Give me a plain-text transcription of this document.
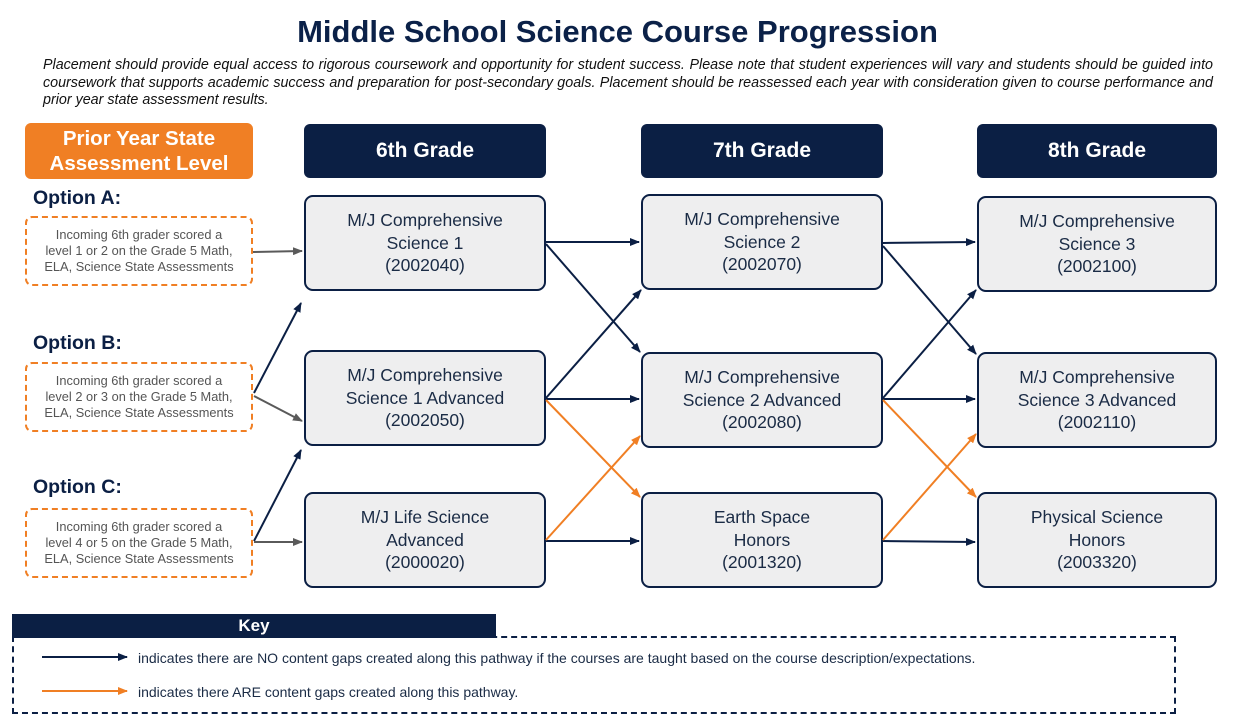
Middle School Science Course Progression
Placement should provide equal access to rigorous coursework and opportunity for student success. Please note that student experiences will vary and students should be guided into coursework that supports academic success and preparation for post-secondary goals. Placement should be reassessed each year with consideration given to course performance and prior year state assessment results.
Prior Year State Assessment Level
6th Grade	7th Grade	8th Grade
Option A:
Incoming 6th grader scored a level 1 or 2 on the Grade 5 Math, ELA, Science State Assessments
Option B:
Incoming 6th grader scored a level 2 or 3 on the Grade 5 Math, ELA, Science State Assessments
Option C:
Incoming 6th grader scored a level 4 or 5 on the Grade 5 Math, ELA, Science State Assessments
M/J Comprehensive
Science 1
(2002040)
M/J Comprehensive
Science 1 Advanced
(2002050)
M/J Life Science
Advanced
(2000020)
M/J Comprehensive
Science 2
(2002070)
M/J Comprehensive
Science 2 Advanced
(2002080)
Earth Space
Honors
(2001320)
M/J Comprehensive
Science 3
(2002100)
M/J Comprehensive
Science 3 Advanced
(2002110)
Physical Science
Honors
(2003320)
Key
indicates there are NO content gaps created along this pathway if the courses are taught based on the course description/expectations.
indicates there ARE content gaps created along this pathway.
